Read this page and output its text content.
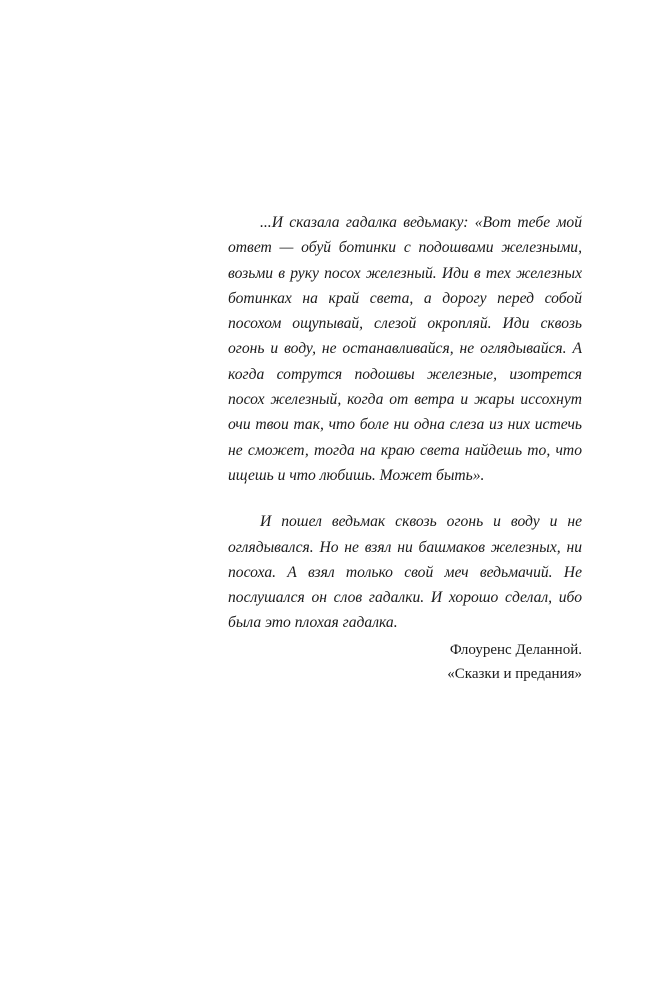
...И сказала гадалка ведьмаку: «Вот тебе мой ответ — обуй ботинки с подошвами железными, возьми в руку посох железный. Иди в тех железных ботинках на край света, а дорогу перед собой посохом ощупывай, слезой окропляй. Иди сквозь огонь и воду, не останавливайся, не оглядывайся. А когда сотрутся подошвы железные, изотрется посох железный, когда от ветра и жары иссохнут очи твои так, что боле ни одна слеза из них истечь не сможет, тогда на краю света найдешь то, что ищешь и что любишь. Может быть».

И пошел ведьмак сквозь огонь и воду и не оглядывался. Но не взял ни башмаков железных, ни посоха. А взял только свой меч ведьмачий. Не послушался он слов гадалки. И хорошо сделал, ибо была это плохая гадалка.

Флоуренс Деланной.
«Сказки и предания»
